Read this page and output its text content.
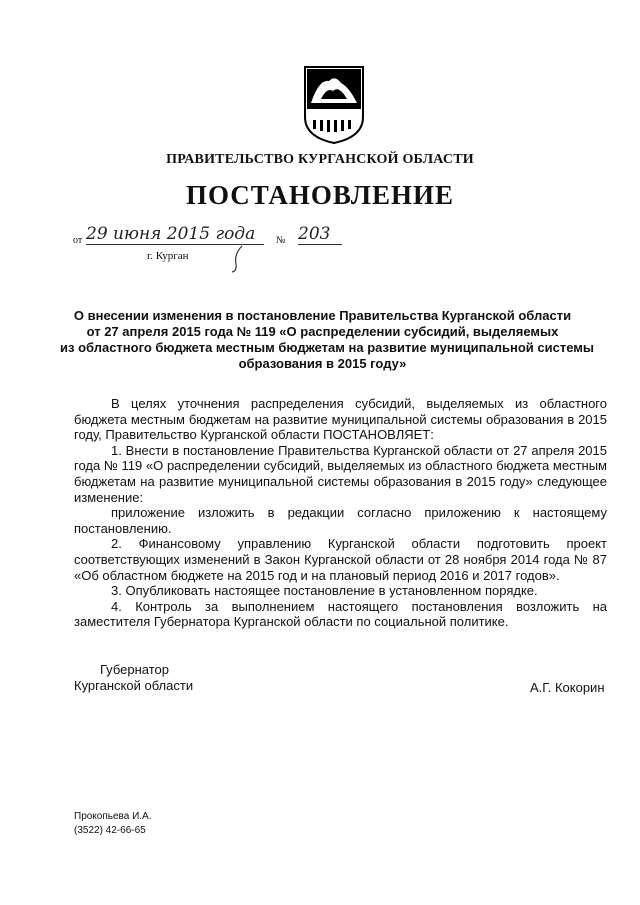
ПРАВИТЕЛЬСТВО КУРГАНСКОЙ ОБЛАСТИ
ПОСТАНОВЛЕНИЕ
от 29 июня 2015 года	№ 203
г. Курган
О внесении изменения в постановление Правительства Курганской области
от 27 апреля 2015 года № 119 «О распределении субсидий, выделяемых
из областного бюджета местным бюджетам на развитие муниципальной системы
образования в 2015 году»

В целях уточнения распределения субсидий, выделяемых из областного бюджета местным бюджетам на развитие муниципальной системы образования в 2015 году, Правительство Курганской области ПОСТАНОВЛЯЕТ:

1. Внести в постановление Правительства Курганской области от 27 апреля 2015 года № 119 «О распределении субсидий, выделяемых из областного бюджета местным бюджетам на развитие муниципальной системы образования в 2015 году» следующее изменение:

приложение изложить в редакции согласно приложению к настоящему постановлению.

2. Финансовому управлению Курганской области подготовить проект соответствующих изменений в Закон Курганской области от 28 ноября 2014 года № 87 «Об областном бюджете на 2015 год и на плановый период 2016 и 2017 годов».

3. Опубликовать настоящее постановление в установленном порядке.

4. Контроль за выполнением настоящего постановления возложить на заместителя Губернатора Курганской области по социальной политике.

Губернатор
Курганской области	А.Г. Кокорин
Прокопьева И.А.
(3522) 42-66-65
